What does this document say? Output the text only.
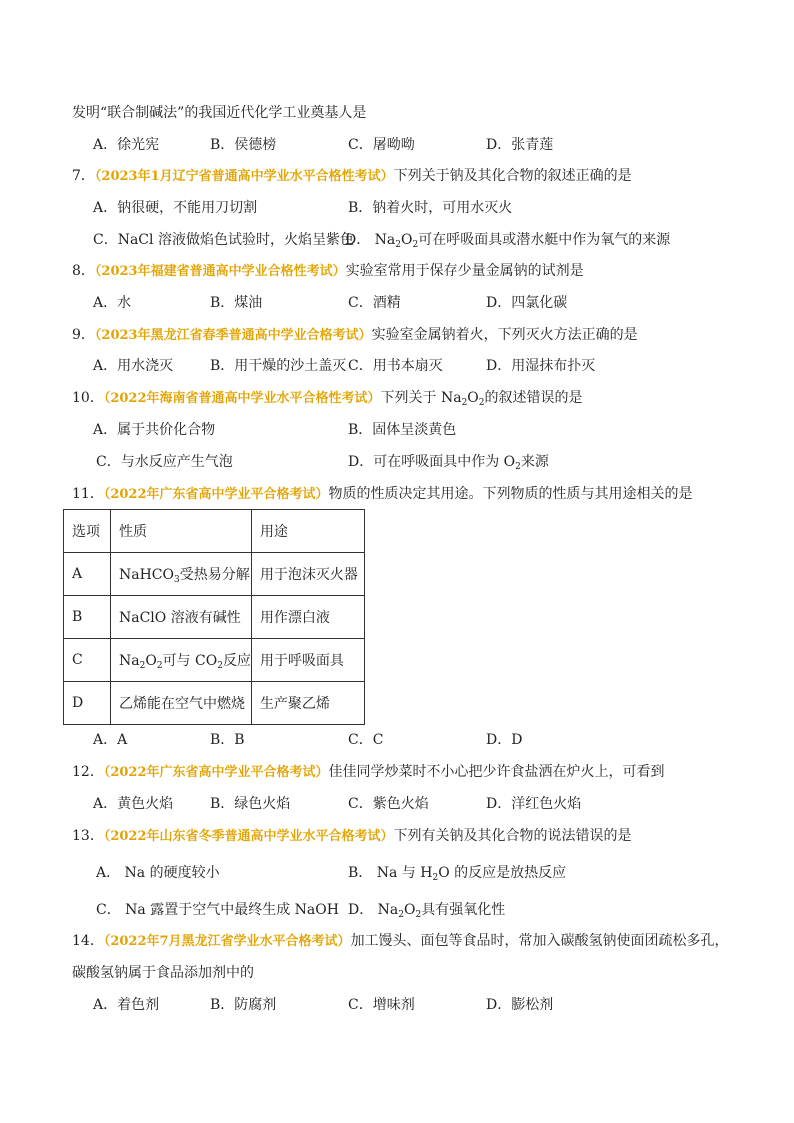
发明“联合制碱法”的我国近代化学工业奠基人是
A．徐光宪	B．侯德榜	C．屠呦呦	D．张青莲
7．（2023年1月辽宁省普通高中学业水平合格性考试）下列关于钠及其化合物的叙述正确的是
A．钠很硬，不能用刀切割	B．钠着火时，可用水灭火
C．NaCl 溶液做焰色试验时，火焰呈紫色
D． $Na_2O_2$可在呼吸面具或潜水艇中作为氧气的来源
8．（2023年福建省普通高中学业合格性考试）实验室常用于保存少量金属钠的试剂是
A．水	B．煤油	C．酒精	D．四氯化碳
9．（2023年黑龙江省春季普通高中学业合格考试）实验室金属钠着火，下列灭火方法正确的是
A．用水浇灭	B．用干燥的沙土盖灭 C．用书本扇灭	D．用湿抹布扑灭
10．（2022年海南省普通高中学业水平合格性考试）下列关于 $Na_2O_2$的叙述错误的是
A．属于共价化合物	B．固体呈淡黄色
C．与水反应产生气泡	D．可在呼吸面具中作为 $O_2$来源
11．（2022年广东省高中学业平合格考试）物质的性质决定其用途。下列物质的性质与其用途相关的是
选项	性质	用途
A	NaHCO$_3$受热易分解	用于泡沫灭火器
B	NaClO 溶液有碱性	用作漂白液
C	$Na_2O_2$可与 $CO_2$反应	用于呼吸面具
D	乙烯能在空气中燃烧	生产聚乙烯
A．A	B．B	C．C	D．D
12．（2022年广东省高中学业平合格考试）佳佳同学炒菜时不小心把少许食盐洒在炉火上，可看到
A．黄色火焰	B．绿色火焰	C．紫色火焰	D．洋红色火焰
13．（2022年山东省冬季普通高中学业水平合格考试）下列有关钠及其化合物的说法错误的是
A． Na 的硬度较小	B． Na 与 $H_2O$ 的反应是放热反应
C． Na 露置于空气中最终生成 NaOH D． $Na_2O_2$具有强氧化性
14．（2022年7月黑龙江省学业水平合格考试）加工馒头、面包等食品时，常加入碳酸氢钠使面团疏松多孔，
碳酸氢钠属于食品添加剂中的
A．着色剂	B．防腐剂	C．增味剂	D．膨松剂
